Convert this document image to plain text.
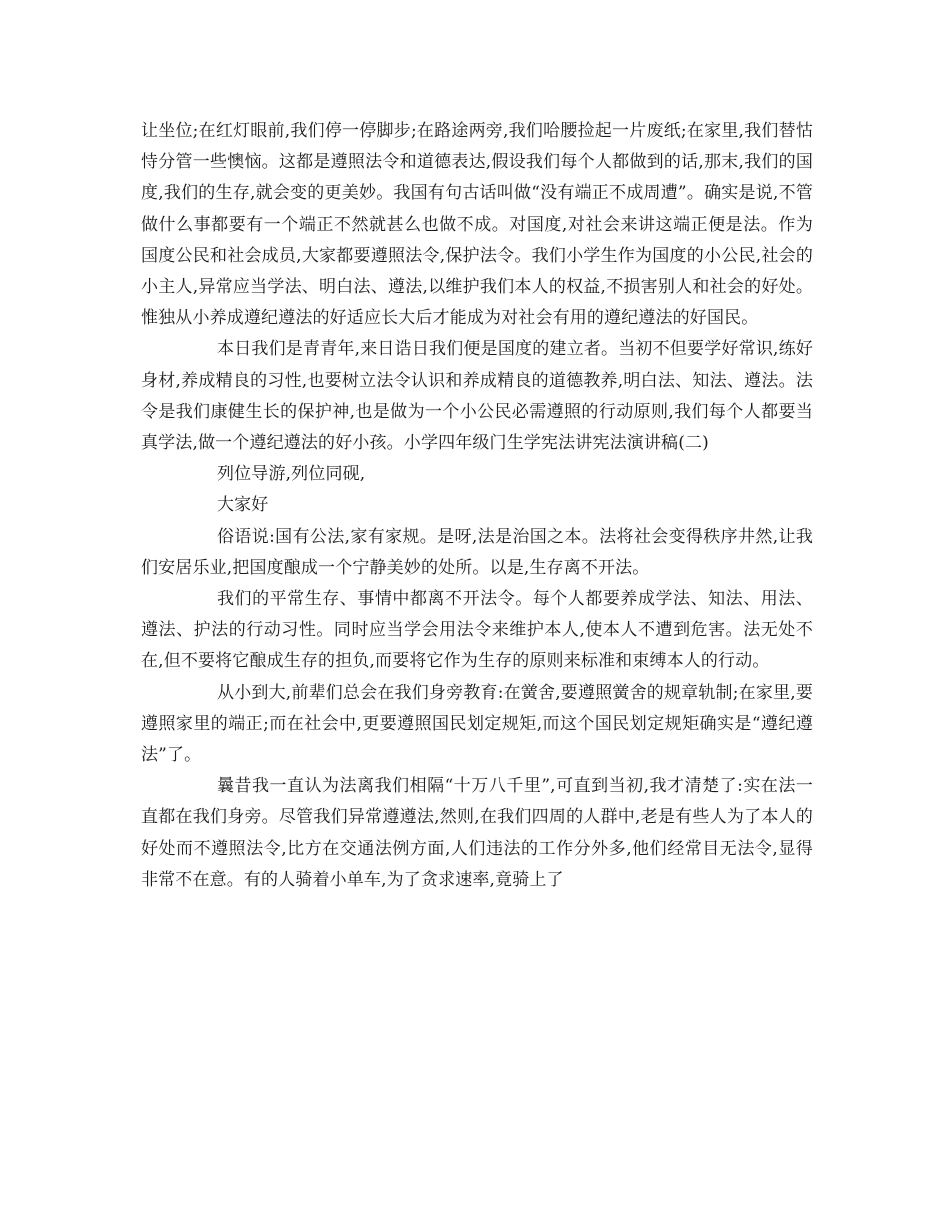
让坐位;在红灯眼前,我们停一停脚步;在路途两旁,我们哈腰捡起一片废纸;在家里,我们替怙恃分管一些懊恼。这都是遵照法令和道德表达,假设我们每个人都做到的话,那末,我们的国度,我们的生存,就会变的更美妙。我国有句古话叫做“没有端正不成周遭”。确实是说,不管做什么事都要有一个端正不然就甚么也做不成。对国度,对社会来讲这端正便是法。作为国度公民和社会成员,大家都要遵照法令,保护法令。我们小学生作为国度的小公民,社会的小主人,异常应当学法、明白法、遵法,以维护我们本人的权益,不损害别人和社会的好处。惟独从小养成遵纪遵法的好适应长大后才能成为对社会有用的遵纪遵法的好国民。

本日我们是青青年,来日诰日我们便是国度的建立者。当初不但要学好常识,练好身材,养成精良的习性,也要树立法令认识和养成精良的道德教养,明白法、知法、遵法。法令是我们康健生长的保护神,也是做为一个小公民必需遵照的行动原则,我们每个人都要当真学法,做一个遵纪遵法的好小孩。小学四年级门生学宪法讲宪法演讲稿(二)

列位导游,列位同砚,

大家好

俗语说:国有公法,家有家规。是呀,法是治国之本。法将社会变得秩序井然,让我们安居乐业,把国度酿成一个宁静美妙的处所。以是,生存离不开法。

我们的平常生存、事情中都离不开法令。每个人都要养成学法、知法、用法、遵法、护法的行动习性。同时应当学会用法令来维护本人,使本人不遭到危害。法无处不在,但不要将它酿成生存的担负,而要将它作为生存的原则来标准和束缚本人的行动。

从小到大,前辈们总会在我们身旁教育:在黉舍,要遵照黉舍的规章轨制;在家里,要遵照家里的端正;而在社会中,更要遵照国民划定规矩,而这个国民划定规矩确实是“遵纪遵法”了。

曩昔我一直认为法离我们相隔“十万八千里”,可直到当初,我才清楚了:实在法一直都在我们身旁。尽管我们异常遵遵法,然则,在我们四周的人群中,老是有些人为了本人的好处而不遵照法令,比方在交通法例方面,人们违法的工作分外多,他们经常目无法令,显得非常不在意。有的人骑着小单车,为了贪求速率,竟骑上了
